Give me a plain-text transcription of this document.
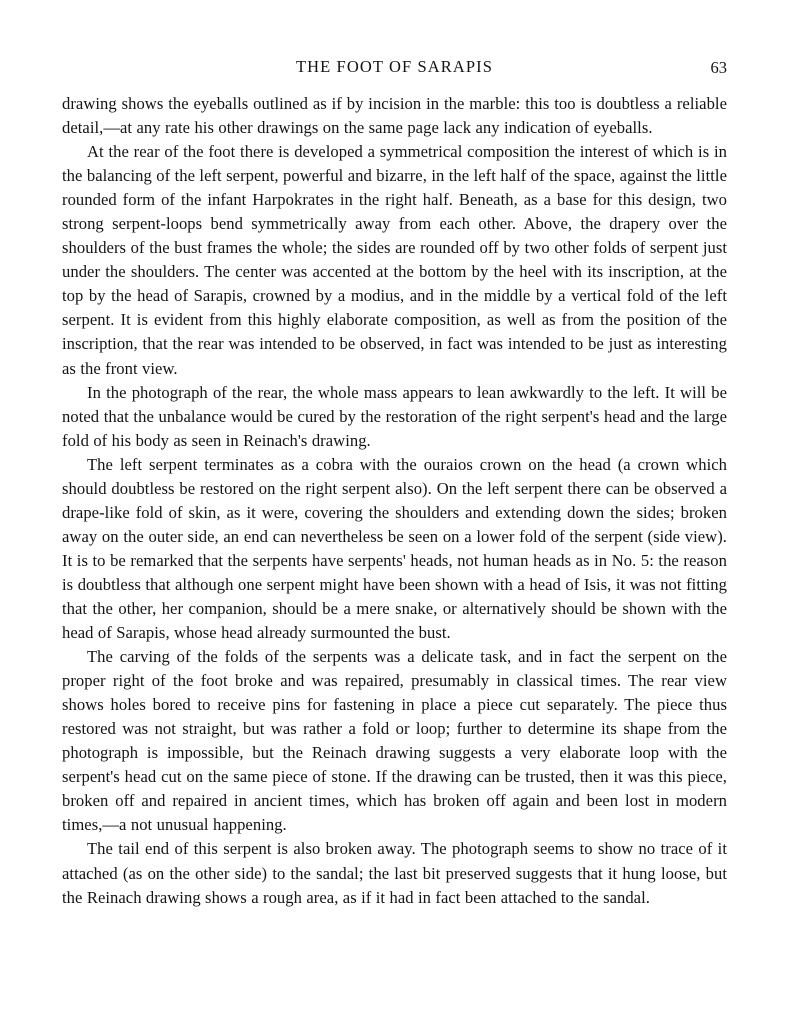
THE FOOT OF SARAPIS	63

drawing shows the eyeballs outlined as if by incision in the marble: this too is doubtless a reliable detail,—at any rate his other drawings on the same page lack any indication of eyeballs.

At the rear of the foot there is developed a symmetrical composition the interest of which is in the balancing of the left serpent, powerful and bizarre, in the left half of the space, against the little rounded form of the infant Harpokrates in the right half. Beneath, as a base for this design, two strong serpent-loops bend symmetrically away from each other. Above, the drapery over the shoulders of the bust frames the whole; the sides are rounded off by two other folds of serpent just under the shoulders. The center was accented at the bottom by the heel with its inscription, at the top by the head of Sarapis, crowned by a modius, and in the middle by a vertical fold of the left serpent. It is evident from this highly elaborate composition, as well as from the position of the inscription, that the rear was intended to be observed, in fact was intended to be just as interesting as the front view.

In the photograph of the rear, the whole mass appears to lean awkwardly to the left. It will be noted that the unbalance would be cured by the restoration of the right serpent's head and the large fold of his body as seen in Reinach's drawing.

The left serpent terminates as a cobra with the ouraios crown on the head (a crown which should doubtless be restored on the right serpent also). On the left serpent there can be observed a drape-like fold of skin, as it were, covering the shoulders and extending down the sides; broken away on the outer side, an end can nevertheless be seen on a lower fold of the serpent (side view). It is to be remarked that the serpents have serpents' heads, not human heads as in No. 5: the reason is doubtless that although one serpent might have been shown with a head of Isis, it was not fitting that the other, her companion, should be a mere snake, or alternatively should be shown with the head of Sarapis, whose head already surmounted the bust.

The carving of the folds of the serpents was a delicate task, and in fact the serpent on the proper right of the foot broke and was repaired, presumably in classical times. The rear view shows holes bored to receive pins for fastening in place a piece cut separately. The piece thus restored was not straight, but was rather a fold or loop; further to determine its shape from the photograph is impossible, but the Reinach drawing suggests a very elaborate loop with the serpent's head cut on the same piece of stone. If the drawing can be trusted, then it was this piece, broken off and repaired in ancient times, which has broken off again and been lost in modern times,—a not unusual happening.

The tail end of this serpent is also broken away. The photograph seems to show no trace of it attached (as on the other side) to the sandal; the last bit preserved suggests that it hung loose, but the Reinach drawing shows a rough area, as if it had in fact been attached to the sandal.
